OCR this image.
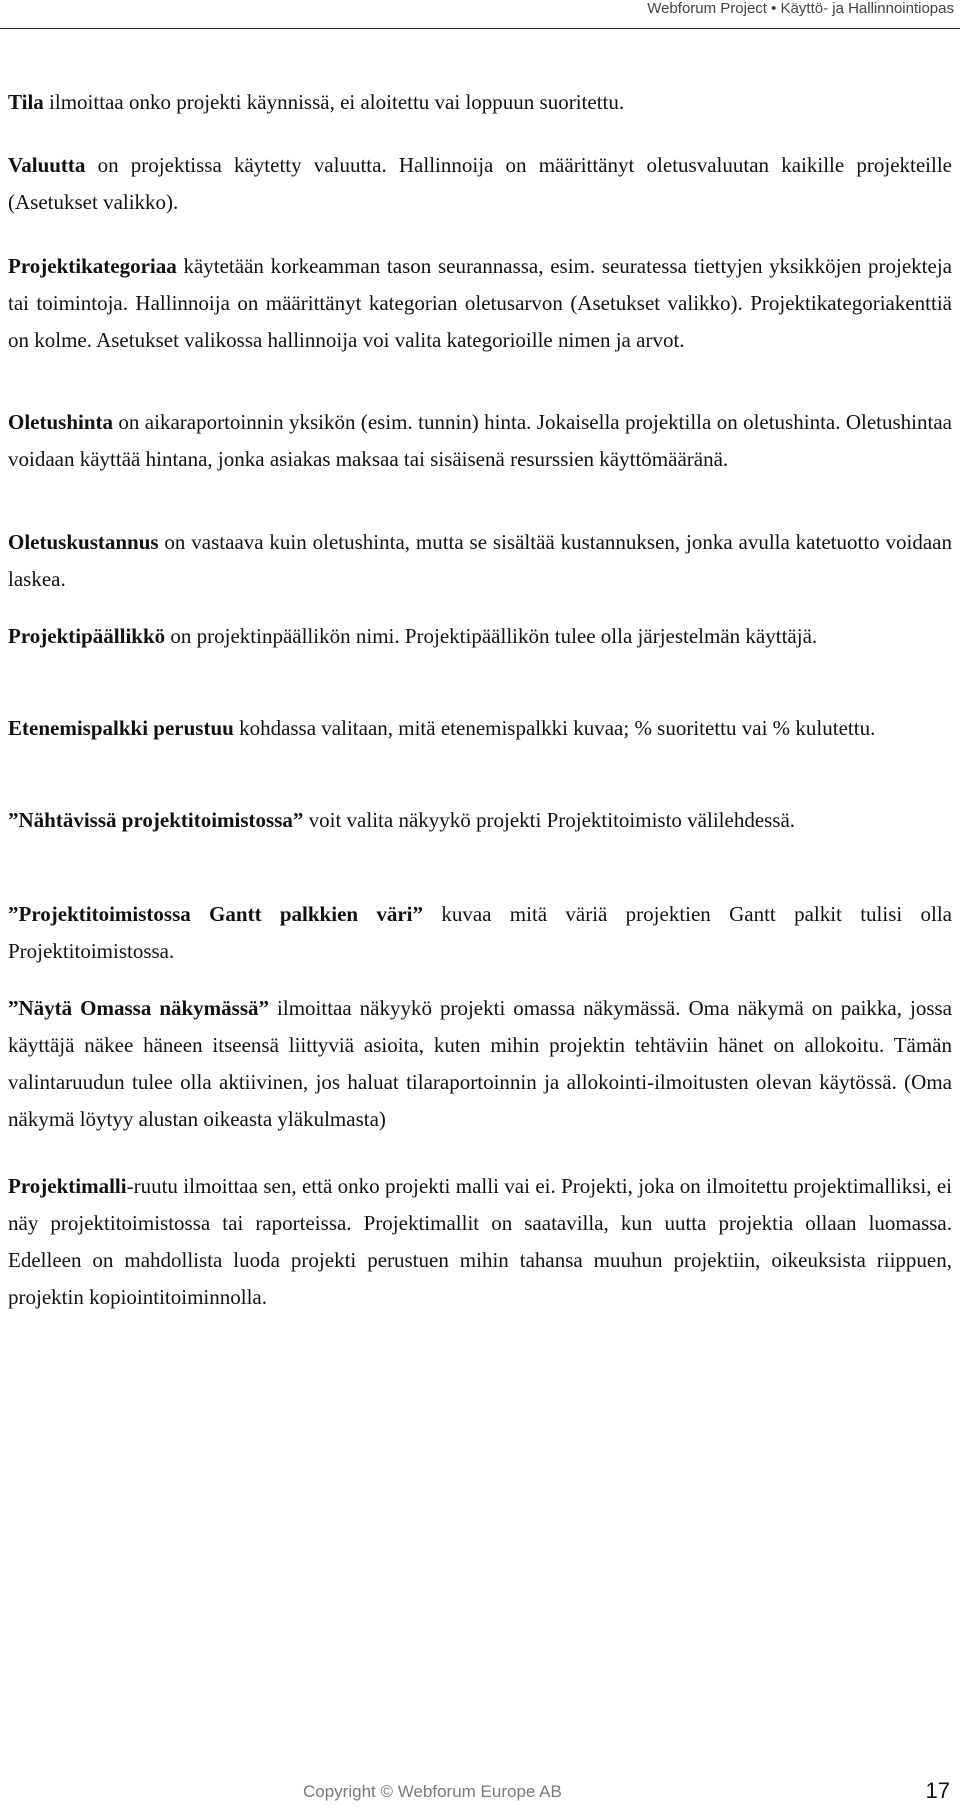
Webforum Project • Käyttö- ja Hallinnointiopas

Tila ilmoittaa onko projekti käynnissä, ei aloitettu vai loppuun suoritettu.

Valuutta on projektissa käytetty valuutta. Hallinnoija on määrittänyt oletusvaluutan kaikille projekteille (Asetukset valikko).

Projektikategoriaa käytetään korkeamman tason seurannassa, esim. seuratessa tiettyjen yksikköjen projekteja tai toimintoja. Hallinnoija on määrittänyt kategorian oletusarvon (Asetukset valikko). Projektikategoriakenttiä on kolme. Asetukset valikossa hallinnoija voi valita kategorioille nimen ja arvot.

Oletushinta on aikaraportoinnin yksikön (esim. tunnin) hinta. Jokaisella projektilla on oletushinta. Oletushintaa voidaan käyttää hintana, jonka asiakas maksaa tai sisäisenä resurssien käyttömääränä.

Oletuskustannus on vastaava kuin oletushinta, mutta se sisältää kustannuksen, jonka avulla katetuotto voidaan laskea.

Projektipäällikkö on projektinpäällikön nimi. Projektipäällikön tulee olla järjestelmän käyttäjä.

Etenemispalkki perustuu kohdassa valitaan, mitä etenemispalkki kuvaa; % suoritettu vai % kulutettu.

”Nähtävissä projektitoimistossa” voit valita näkyykö projekti Projektitoimisto välilehdessä.

”Projektitoimistossa Gantt palkkien väri” kuvaa mitä väriä projektien Gantt palkit tulisi olla Projektitoimistossa.

”Näytä Omassa näkymässä” ilmoittaa näkyykö projekti omassa näkymässä. Oma näkymä on paikka, jossa käyttäjä näkee häneen itseensä liittyviä asioita, kuten mihin projektin tehtäviin hänet on allokoitu. Tämän valintaruudun tulee olla aktiivinen, jos haluat tilaraportoinnin ja allokointi-ilmoitusten olevan käytössä. (Oma näkymä löytyy alustan oikeasta yläkulmasta)

Projektimalli-ruutu ilmoittaa sen, että onko projekti malli vai ei. Projekti, joka on ilmoitettu projektimalliksi, ei näy projektitoimistossa tai raporteissa. Projektimallit on saatavilla, kun uutta projektia ollaan luomassa. Edelleen on mahdollista luoda projekti perustuen mihin tahansa muuhun projektiin, oikeuksista riippuen, projektin kopiointitoiminnolla.

Copyright © Webforum Europe AB	17
